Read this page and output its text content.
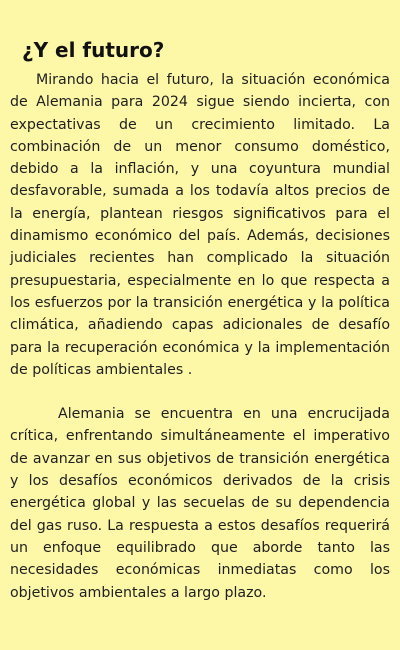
¿Y el futuro?

Mirando hacia el futuro, la situación económica de Alemania para 2024 sigue siendo incierta, con expectativas de un crecimiento limitado. La combinación de un menor consumo doméstico, debido a la inflación, y una coyuntura mundial desfavorable, sumada a los todavía altos precios de la energía, plantean riesgos significativos para el dinamismo económico del país. Además, decisiones judiciales recientes han complicado la situación presupuestaria, especialmente en lo que respecta a los esfuerzos por la transición energética y la política climática, añadiendo capas adicionales de desafío para la recuperación económica y la implementación de políticas ambientales .

Alemania se encuentra en una encrucijada crítica, enfrentando simultáneamente el imperativo de avanzar en sus objetivos de transición energética y los desafíos económicos derivados de la crisis energética global y las secuelas de su dependencia del gas ruso. La respuesta a estos desafíos requerirá un enfoque equilibrado que aborde tanto las necesidades económicas inmediatas como los objetivos ambientales a largo plazo.
